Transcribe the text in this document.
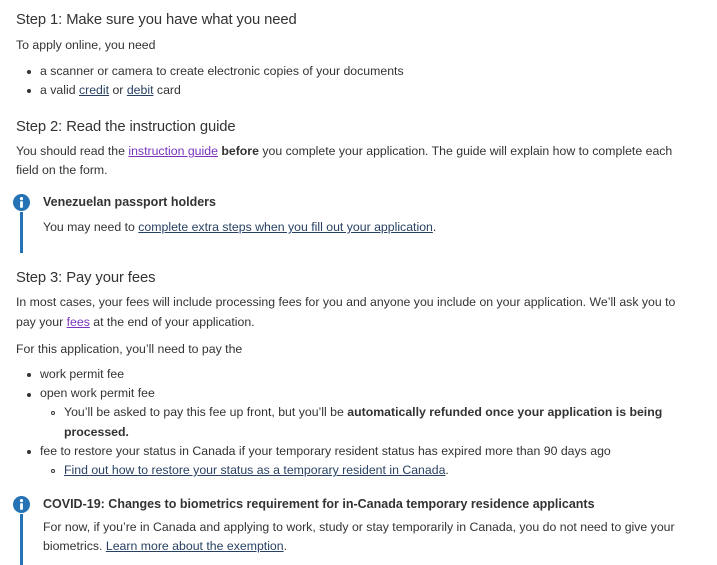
Step 1: Make sure you have what you need

To apply online, you need

a scanner or camera to create electronic copies of your documents

a valid credit or debit card

Step 2: Read the instruction guide

You should read the instruction guide before you complete your application. The guide will explain how to complete each

field on the form.

Venezuelan passport holders

You may need to complete extra steps when you fill out your application.

Step 3: Pay your fees

In most cases, your fees will include processing fees for you and anyone you include on your application. We’ll ask you to

pay your fees at the end of your application.

For this application, you’ll need to pay the

work permit fee

open work permit fee

You’ll be asked to pay this fee up front, but you’ll be automatically refunded once your application is being

processed.

fee to restore your status in Canada if your temporary resident status has expired more than 90 days ago

Find out how to restore your status as a temporary resident in Canada.

COVID-19: Changes to biometrics requirement for in-Canada temporary residence applicants

For now, if you’re in Canada and applying to work, study or stay temporarily in Canada, you do not need to give your

biometrics. Learn more about the exemption.
